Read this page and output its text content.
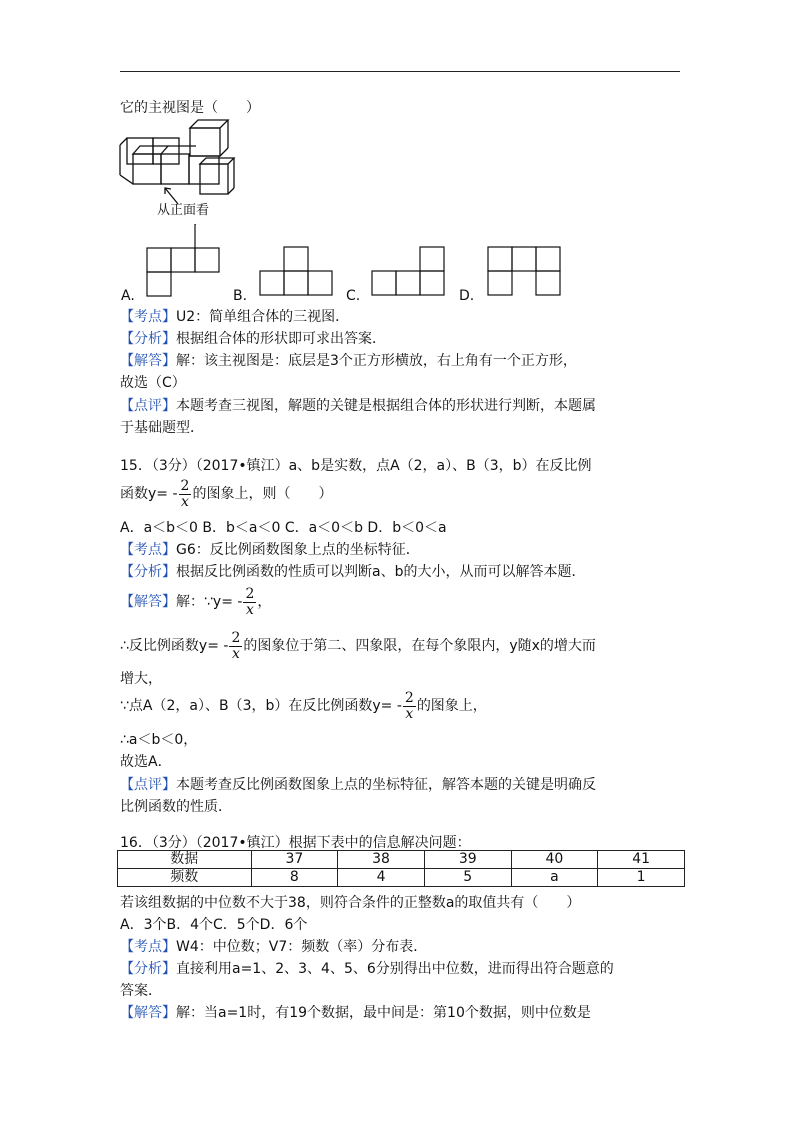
它的主视图是（　　）
从正面看
A.	B.	C.	D.
【考点】U2：简单组合体的三视图．
【分析】根据组合体的形状即可求出答案．
【解答】解：该主视图是：底层是3个正方形横放，右上角有一个正方形，
故选（C）
【点评】本题考查三视图，解题的关键是根据组合体的形状进行判断，本题属
于基础题型．
15．（3分）（2017•镇江）a、b是实数，点A（2，a）、B（3，b）在反比例
函数$y= - \frac{2}{x}$ 的图象上，则（　　）
A．a＜b＜0 B．b＜a＜0 C．a＜0＜b D．b＜0＜a
【考点】G6：反比例函数图象上点的坐标特征．
【分析】根据反比例函数的性质可以判断a、b的大小，从而可以解答本题．
【解答】解：∵y= - $\frac{2}{x}$ ，
∴反比例函数$y= - \frac{2}{x}$ 的图象位于第二、四象限，在每个象限内，y随x的增大而
增大，
∵点A（2，a）、B（3，b）在反比例函数$y= - \frac{2}{x}$ 的图象上，
∴a＜b＜0，
故选A．
【点评】本题考查反比例函数图象上点的坐标特征，解答本题的关键是明确反
比例函数的性质．
16．（3分）（2017•镇江）根据下表中的信息解决问题：
数据	37	38	39	40	41
频数	8	4	5	a	1
若该组数据的中位数不大于38，则符合条件的正整数a的取值共有（　　）
A．3个B．4个C．5个D．6个
【考点】W4：中位数；V7：频数（率）分布表．
【分析】直接利用a=1、2、3、4、5、6分别得出中位数，进而得出符合题意的
答案．
【解答】解：当a=1时，有19个数据，最中间是：第10个数据，则中位数是
